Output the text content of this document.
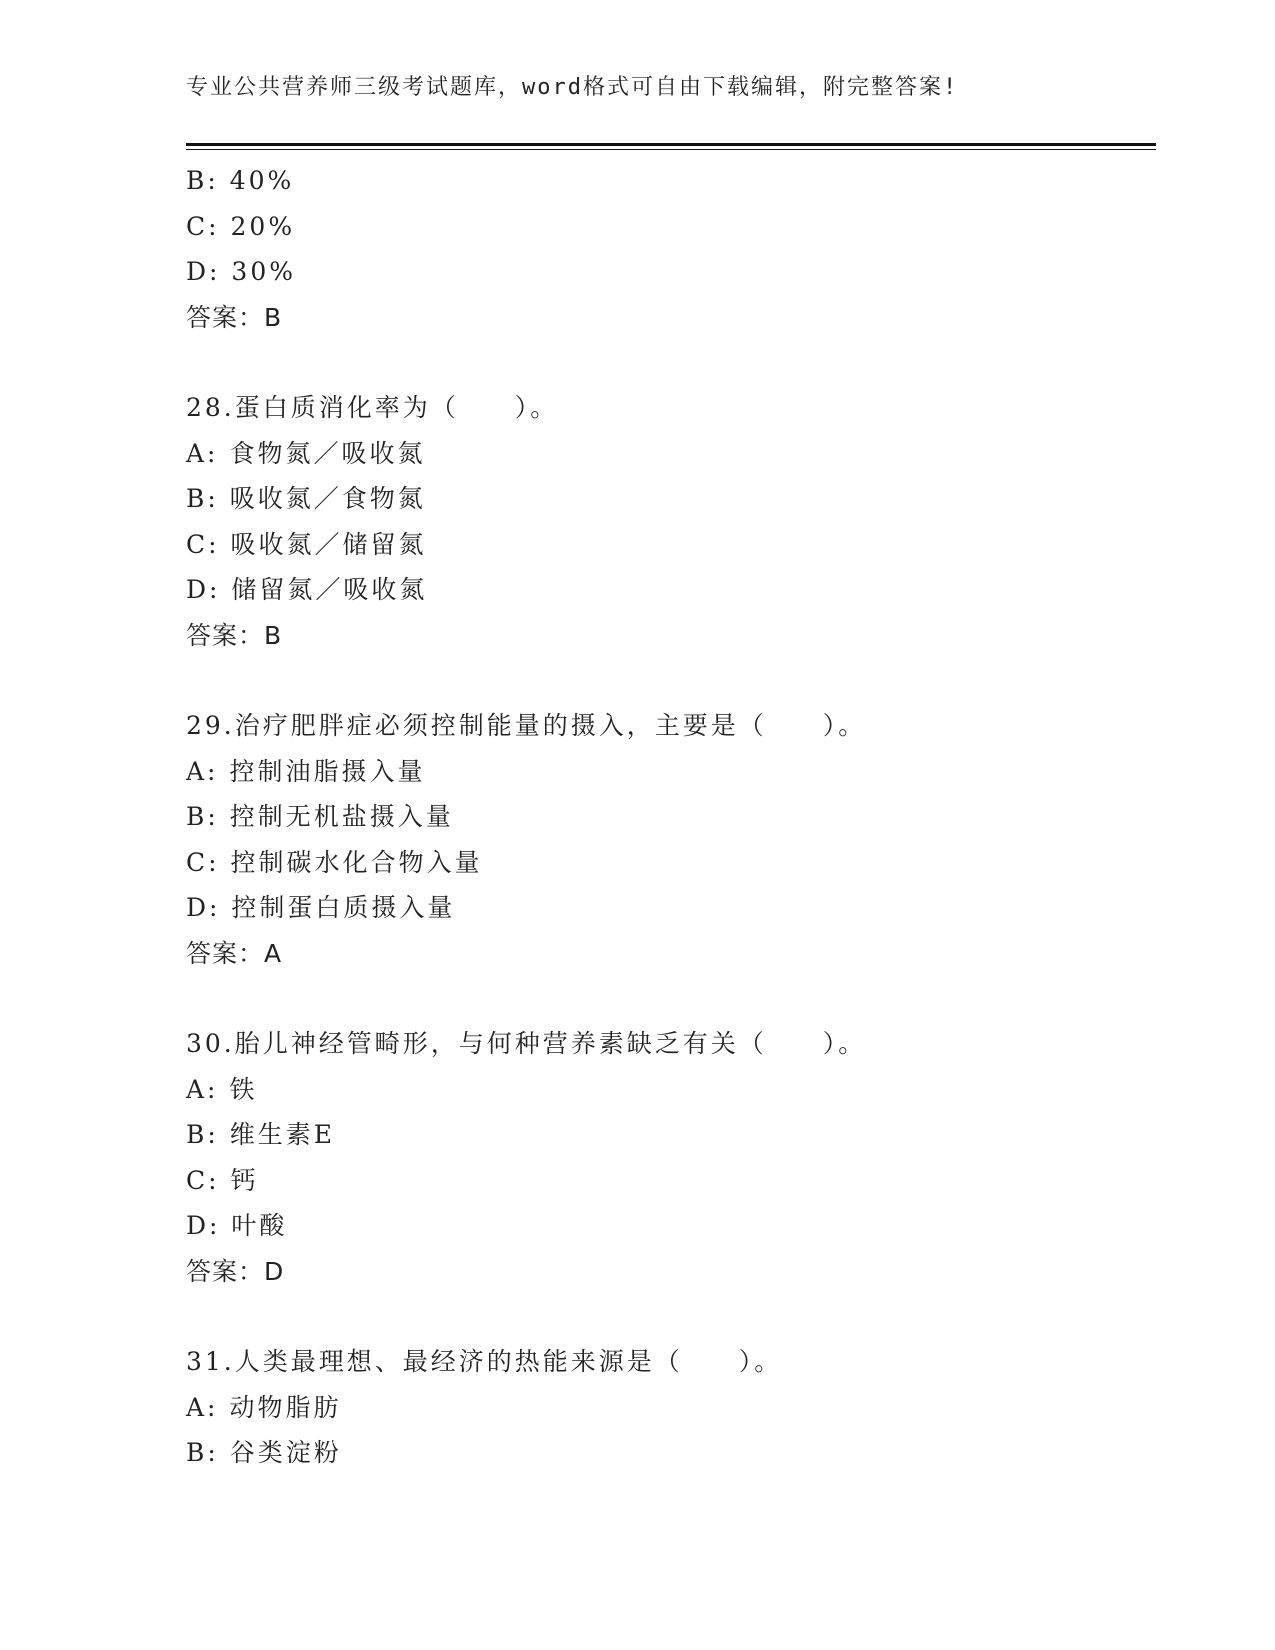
专业公共营养师三级考试题库，word格式可自由下载编辑，附完整答案!
B: 40%
C: 20%
D: 30%
答案：B
28.蛋白质消化率为（　　）。
A: 食物氮／吸收氮
B: 吸收氮／食物氮
C: 吸收氮／储留氮
D: 储留氮／吸收氮
答案：B
29.治疗肥胖症必须控制能量的摄入，主要是（　　）。
A: 控制油脂摄入量
B: 控制无机盐摄入量
C: 控制碳水化合物入量
D: 控制蛋白质摄入量
答案：A
30.胎儿神经管畸形，与何种营养素缺乏有关（　　）。
A: 铁
B: 维生素E
C: 钙
D: 叶酸
答案：D
31.人类最理想、最经济的热能来源是（　　）。
A: 动物脂肪
B: 谷类淀粉
